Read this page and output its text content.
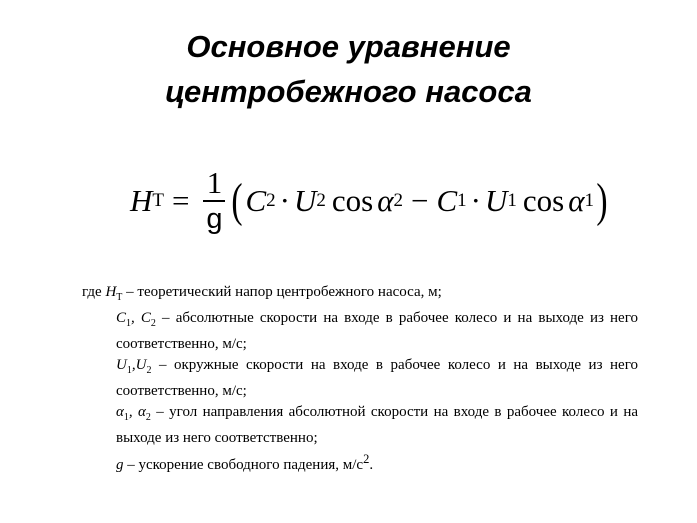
Основное уравнение
центробежного насоса
H $Т = \frac{1}{g}$ ( C 2 · U 2 cos α 2 − C 1 · U 1 cos α 1 )

где $H_Т$ – теоретический напор центробежного насоса, м;

$C_1$, $C_2$ – абсолютные скорости на входе в рабочее колесо и на выходе из него соответственно, м/с;

$U_1,U_2$ – окружные скорости на входе в рабочее колесо и на выходе из него соответственно, м/с;

$\alpha_1$, $\alpha_2$ – угол направления абсолютной скорости на входе в рабочее колесо и на выходе из него соответственно;

g – ускорение свободного падения, $м/с^2$.
